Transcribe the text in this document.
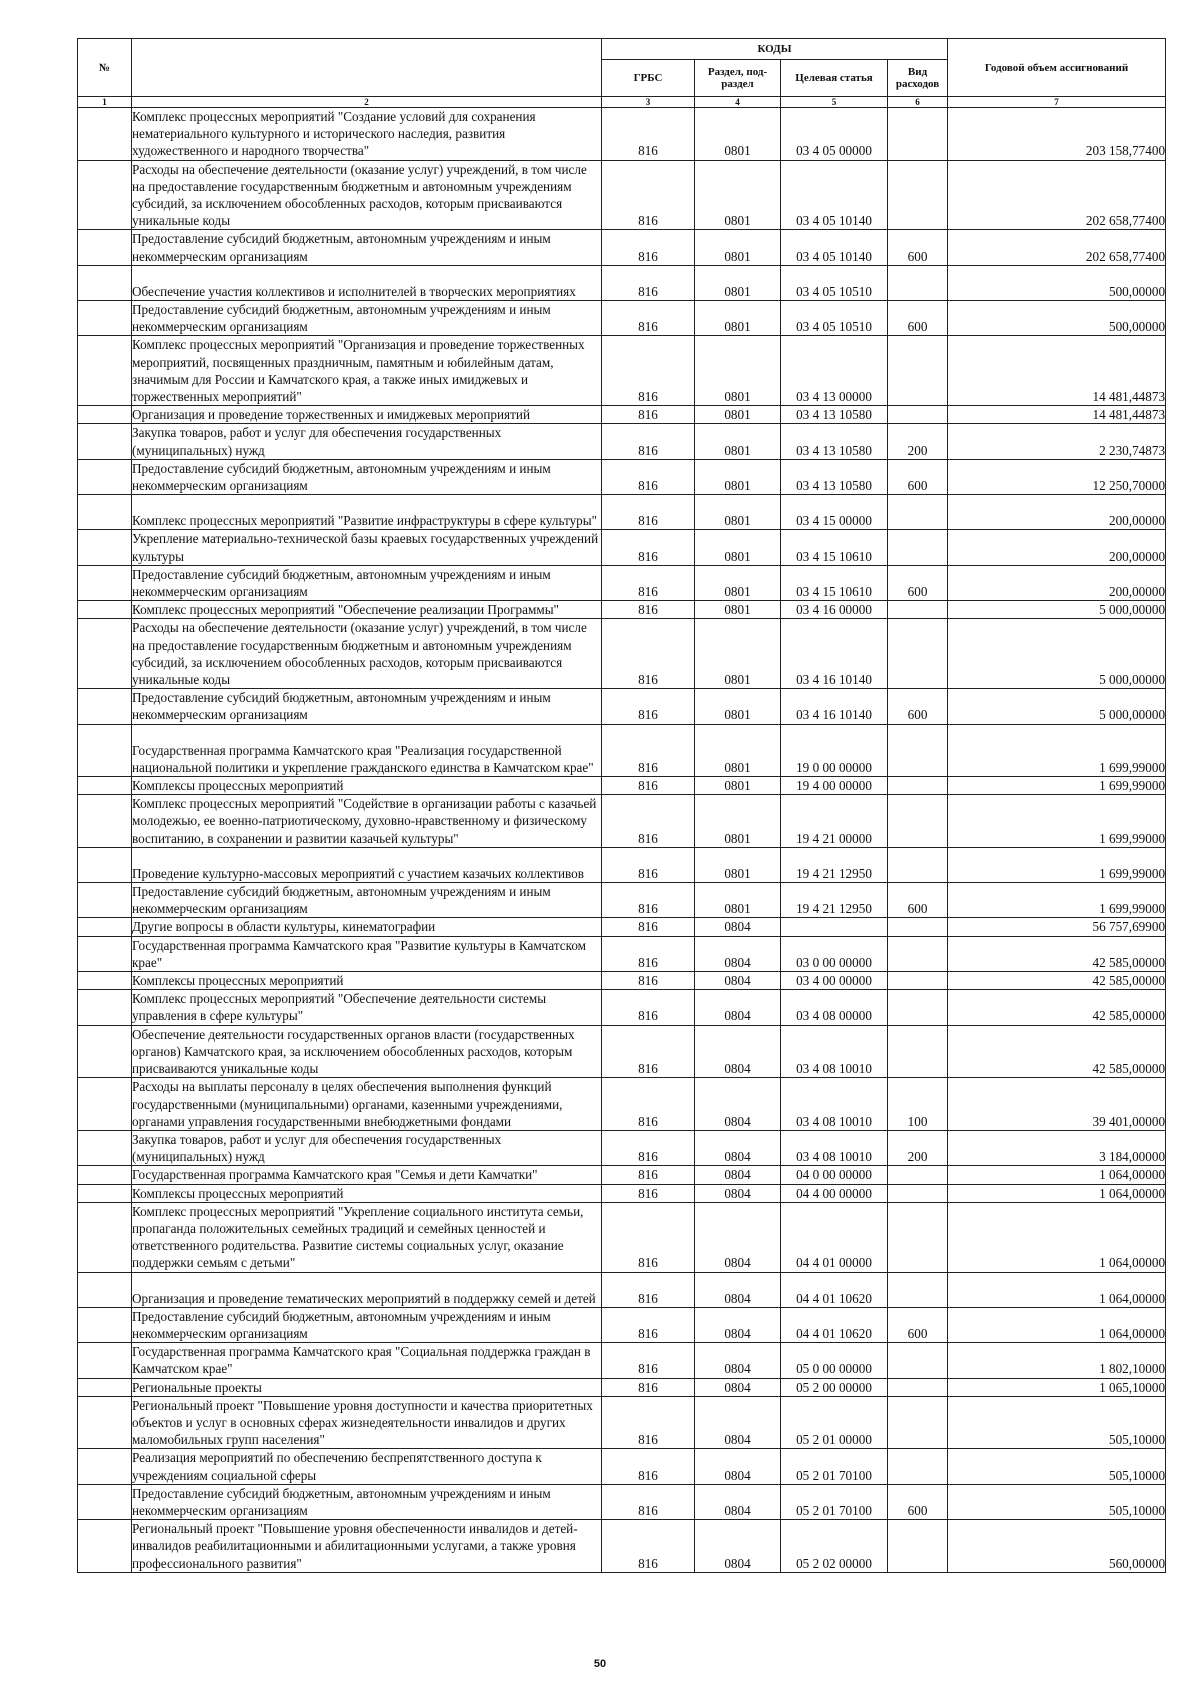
№		КОДЫ				Годовой объем ассигнований
		ГРБС	Раздел, под-раздел	Целевая статья	Вид расходов	
1	2	3	4	5	6	7
	Комплекс процессных мероприятий "Создание условий для сохранения нематериального культурного и исторического наследия, развития художественного и народного творчества"	816	0801	03 4 05 00000		203 158,77400
	Расходы на обеспечение деятельности (оказание услуг) учреждений, в том числе на предоставление государственным бюджетным и автономным учреждениям субсидий, за исключением обособленных расходов, которым присваиваются уникальные коды	816	0801	03 4 05 10140		202 658,77400
	Предоставление субсидий бюджетным, автономным учреждениям и иным некоммерческим организациям	816	0801	03 4 05 10140	600	202 658,77400
	Обеспечение участия коллективов и исполнителей в творческих мероприятиях	816	0801	03 4 05 10510		500,00000
	Предоставление субсидий бюджетным, автономным учреждениям и иным некоммерческим организациям	816	0801	03 4 05 10510	600	500,00000
	Комплекс процессных мероприятий "Организация и проведение торжественных мероприятий, посвященных праздничным, памятным и юбилейным датам, значимым для России и Камчатского края, а также иных имиджевых и торжественных мероприятий"	816	0801	03 4 13 00000		14 481,44873
	Организация и проведение торжественных и имиджевых мероприятий	816	0801	03 4 13 10580		14 481,44873
	Закупка товаров, работ и услуг для обеспечения государственных (муниципальных) нужд	816	0801	03 4 13 10580	200	2 230,74873
	Предоставление субсидий бюджетным, автономным учреждениям и иным некоммерческим организациям	816	0801	03 4 13 10580	600	12 250,70000
	Комплекс процессных мероприятий "Развитие инфраструктуры в сфере культуры"	816	0801	03 4 15 00000		200,00000
	Укрепление материально-технической базы краевых государственных учреждений культуры	816	0801	03 4 15 10610		200,00000
	Предоставление субсидий бюджетным, автономным учреждениям и иным некоммерческим организациям	816	0801	03 4 15 10610	600	200,00000
	Комплекс процессных мероприятий "Обеспечение реализации Программы"	816	0801	03 4 16 00000		5 000,00000
	Расходы на обеспечение деятельности (оказание услуг) учреждений, в том числе на предоставление государственным бюджетным и автономным учреждениям субсидий, за исключением обособленных расходов, которым присваиваются уникальные коды	816	0801	03 4 16 10140		5 000,00000
	Предоставление субсидий бюджетным, автономным учреждениям и иным некоммерческим организациям	816	0801	03 4 16 10140	600	5 000,00000
	Государственная программа Камчатского края "Реализация государственной национальной политики и укрепление гражданского единства в Камчатском крае"	816	0801	19 0 00 00000		1 699,99000
	Комплексы процессных мероприятий	816	0801	19 4 00 00000		1 699,99000
	Комплекс процессных мероприятий "Содействие в организации работы с казачьей молодежью, ее военно-патриотическому, духовно-нравственному и физическому воспитанию, в сохранении и развитии казачьей культуры"	816	0801	19 4 21 00000		1 699,99000
	Проведение культурно-массовых мероприятий с участием казачьих коллективов	816	0801	19 4 21 12950		1 699,99000
	Предоставление субсидий бюджетным, автономным учреждениям и иным некоммерческим организациям	816	0801	19 4 21 12950	600	1 699,99000
	Другие вопросы в области культуры, кинематографии	816	0804			56 757,69900
	Государственная программа Камчатского края "Развитие культуры в Камчатском крае"	816	0804	03 0 00 00000		42 585,00000
	Комплексы процессных мероприятий	816	0804	03 4 00 00000		42 585,00000
	Комплекс процессных мероприятий "Обеспечение деятельности системы управления в сфере культуры"	816	0804	03 4 08 00000		42 585,00000
	Обеспечение деятельности государственных органов власти (государственных органов) Камчатского края, за исключением обособленных расходов, которым присваиваются уникальные коды	816	0804	03 4 08 10010		42 585,00000
	Расходы на выплаты персоналу в целях обеспечения выполнения функций государственными (муниципальными) органами, казенными учреждениями, органами управления государственными внебюджетными фондами	816	0804	03 4 08 10010	100	39 401,00000
	Закупка товаров, работ и услуг для обеспечения государственных (муниципальных) нужд	816	0804	03 4 08 10010	200	3 184,00000
	Государственная программа Камчатского края "Семья и дети Камчатки"	816	0804	04 0 00 00000		1 064,00000
	Комплексы процессных мероприятий	816	0804	04 4 00 00000		1 064,00000
	Комплекс процессных мероприятий "Укрепление социального института семьи, пропаганда положительных семейных традиций и семейных ценностей и ответственного родительства. Развитие системы социальных услуг, оказание поддержки семьям с детьми"	816	0804	04 4 01 00000		1 064,00000
	Организация и проведение тематических мероприятий в поддержку семей и детей	816	0804	04 4 01 10620		1 064,00000
	Предоставление субсидий бюджетным, автономным учреждениям и иным некоммерческим организациям	816	0804	04 4 01 10620	600	1 064,00000
	Государственная программа Камчатского края "Социальная поддержка граждан в Камчатском крае"	816	0804	05 0 00 00000		1 802,10000
	Региональные проекты	816	0804	05 2 00 00000		1 065,10000
	Региональный проект "Повышение уровня доступности и качества приоритетных объектов и услуг в основных сферах жизнедеятельности инвалидов и других маломобильных групп населения"	816	0804	05 2 01 00000		505,10000
	Реализация мероприятий по обеспечению беспрепятственного доступа к учреждениям социальной сферы	816	0804	05 2 01 70100		505,10000
	Предоставление субсидий бюджетным, автономным учреждениям и иным некоммерческим организациям	816	0804	05 2 01 70100	600	505,10000
	Региональный проект "Повышение уровня обеспеченности инвалидов и детей-инвалидов реабилитационными и абилитационными услугами, а также уровня профессионального развития"	816	0804	05 2 02 00000		560,00000
50
